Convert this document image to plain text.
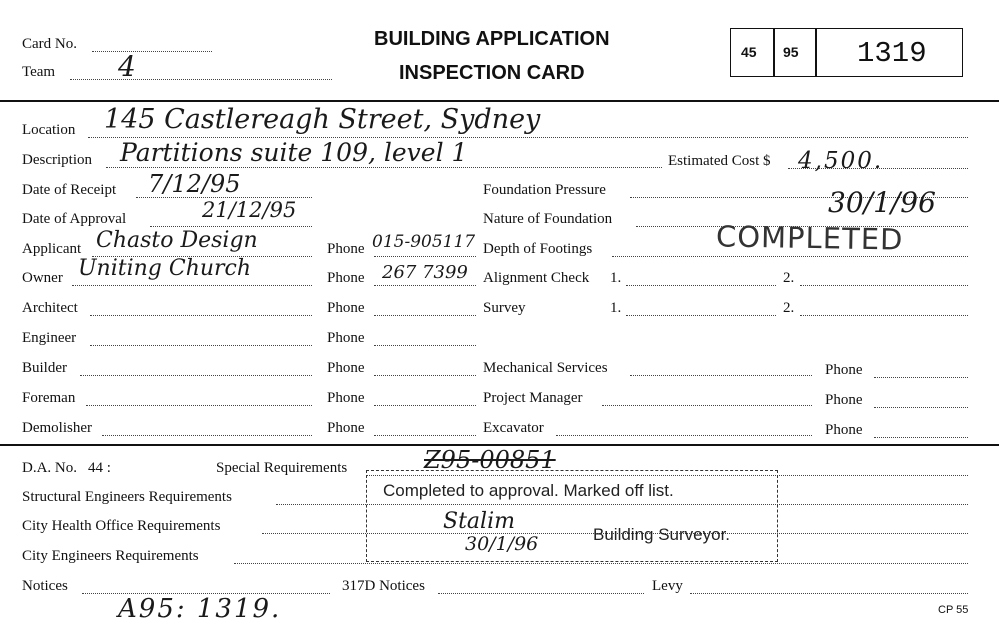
Card No.
Team 4
BUILDING APPLICATION
INSPECTION CARD
45 95 1319
Location 145 Castlereagh Street, Sydney
Description Partitions suite 109, level 1	Estimated Cost $ 4,500.
Date of Receipt 7/12/95
Date of Approval	21/12/95
Applicant Chasto Design	Phone 015-905117
Owner Uniting Church	Phone 267 7399
Architect	Phone
Engineer	Phone
Builder	Phone
Foreman	Phone
Demolisher	Phone
Foundation Pressure
Nature of Foundation	30/1/96
Depth of Footings	COMPLETED
Alignment Check 1.	2.
Survey	1.	2.
Mechanical Services	Phone
Project Manager	Phone
Excavator	Phone
D.A. No. 44 :	Special Requirements	Z95-00851
Structural Engineers Requirements
City Health Office Requirements
City Engineers Requirements
Notices	317D Notices	Levy
A95: 1319.	CP 55
Completed to approval. Marked off list.
Stalim
30/1/96	Building Surveyor.
